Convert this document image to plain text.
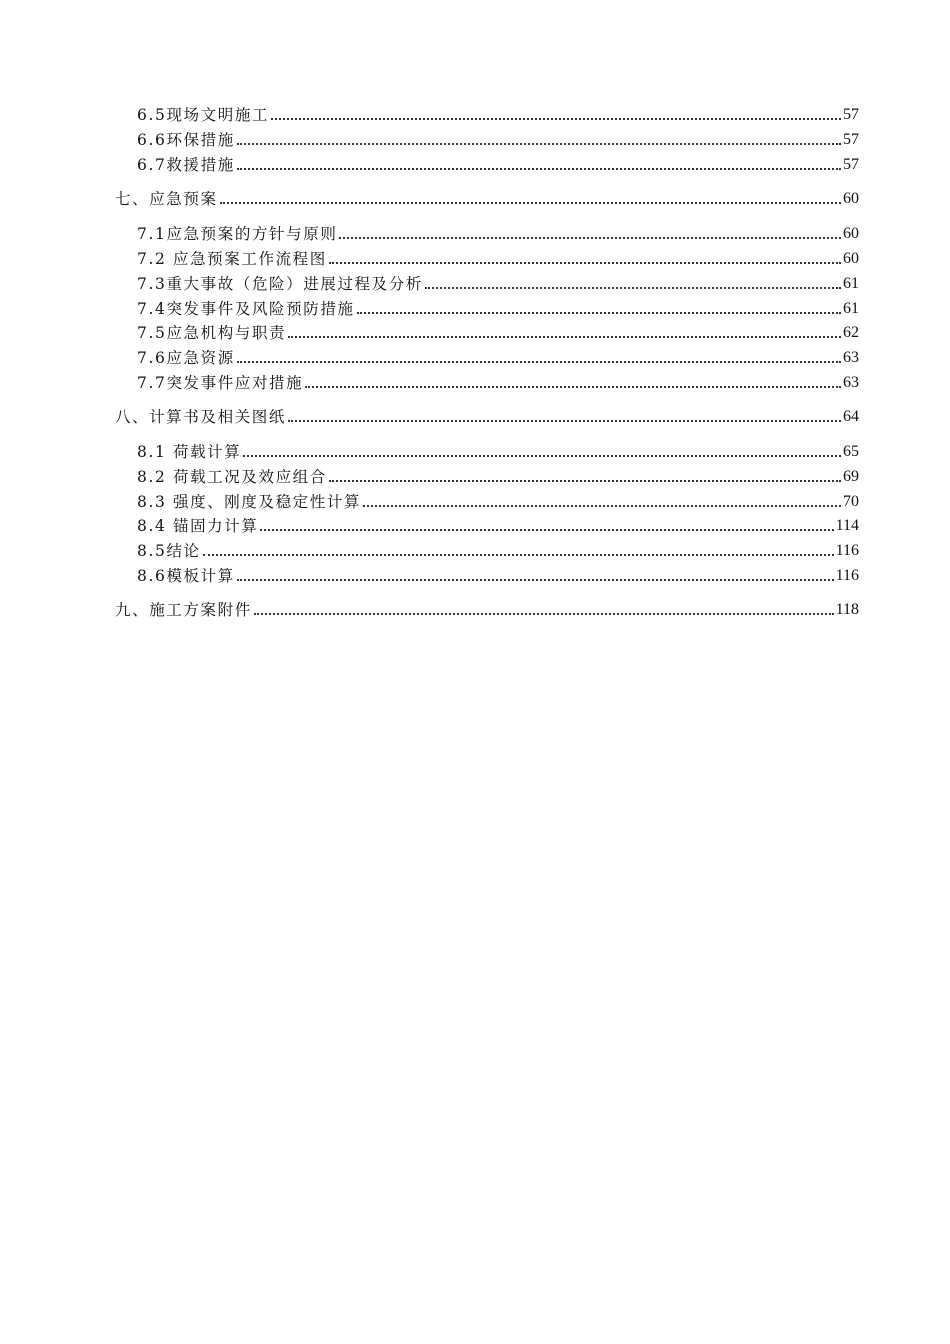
6.5现场文明施工	57
6.6环保措施	57
6.7救援措施	57
七、应急预案	60
7.1应急预案的方针与原则	60
7.2 应急预案工作流程图	60
7.3重大事故（危险）进展过程及分析	61
7.4突发事件及风险预防措施	61
7.5应急机构与职责	62
7.6应急资源	63
7.7突发事件应对措施	63
八、计算书及相关图纸	64
8.1 荷载计算	65
8.2 荷载工况及效应组合	69
8.3 强度、刚度及稳定性计算	70
8.4 锚固力计算	114
8.5结论	116
8.6模板计算	116
九、施工方案附件	118
